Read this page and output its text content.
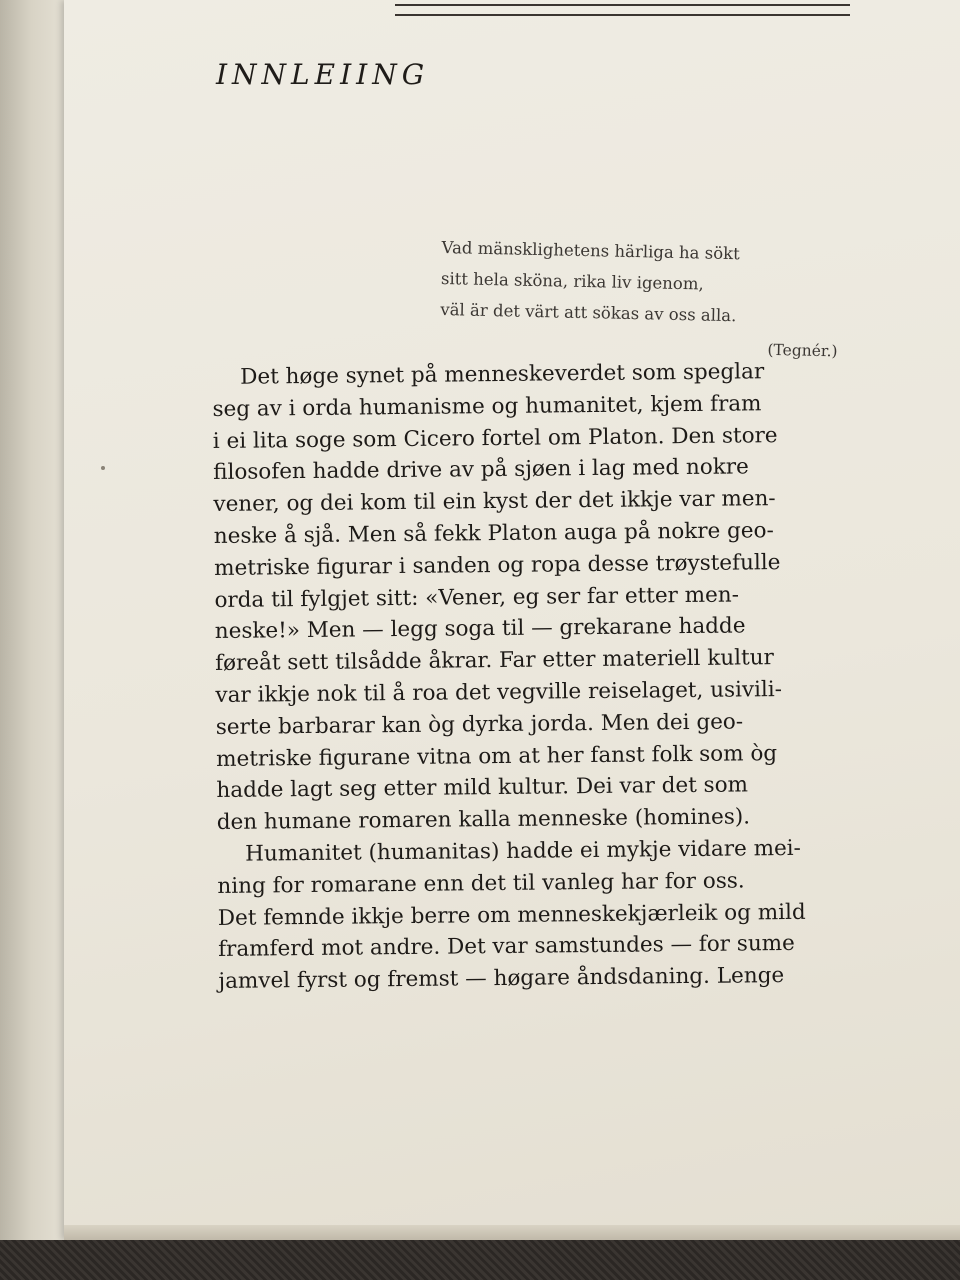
INNLEIING
Vad mänsklighetens härliga ha sökt
sitt hela sköna, rika liv igenom,
väl är det värt att sökas av oss alla.
(Tegnér.)
Det høge synet på menneskeverdet som speglar
seg av i orda humanisme og humanitet, kjem fram
i ei lita soge som Cicero fortel om Platon. Den store
filosofen hadde drive av på sjøen i lag med nokre
vener, og dei kom til ein kyst der det ikkje var men-
neske å sjå. Men så fekk Platon auga på nokre geo-
metriske figurar i sanden og ropa desse trøystefulle
orda til fylgjet sitt: «Vener, eg ser far etter men-
neske!» Men — legg soga til — grekarane hadde
føreåt sett tilsådde åkrar. Far etter materiell kultur
var ikkje nok til å roa det vegville reiselaget, usivili-
serte barbarar kan òg dyrka jorda. Men dei geo-
metriske figurane vitna om at her fanst folk som òg
hadde lagt seg etter mild kultur. Dei var det som
den humane romaren kalla menneske (homines).
Humanitet (humanitas) hadde ei mykje vidare mei-
ning for romarane enn det til vanleg har for oss.
Det femnde ikkje berre om menneskekjærleik og mild
framferd mot andre. Det var samstundes — for sume
jamvel fyrst og fremst — høgare åndsdaning. Lenge
